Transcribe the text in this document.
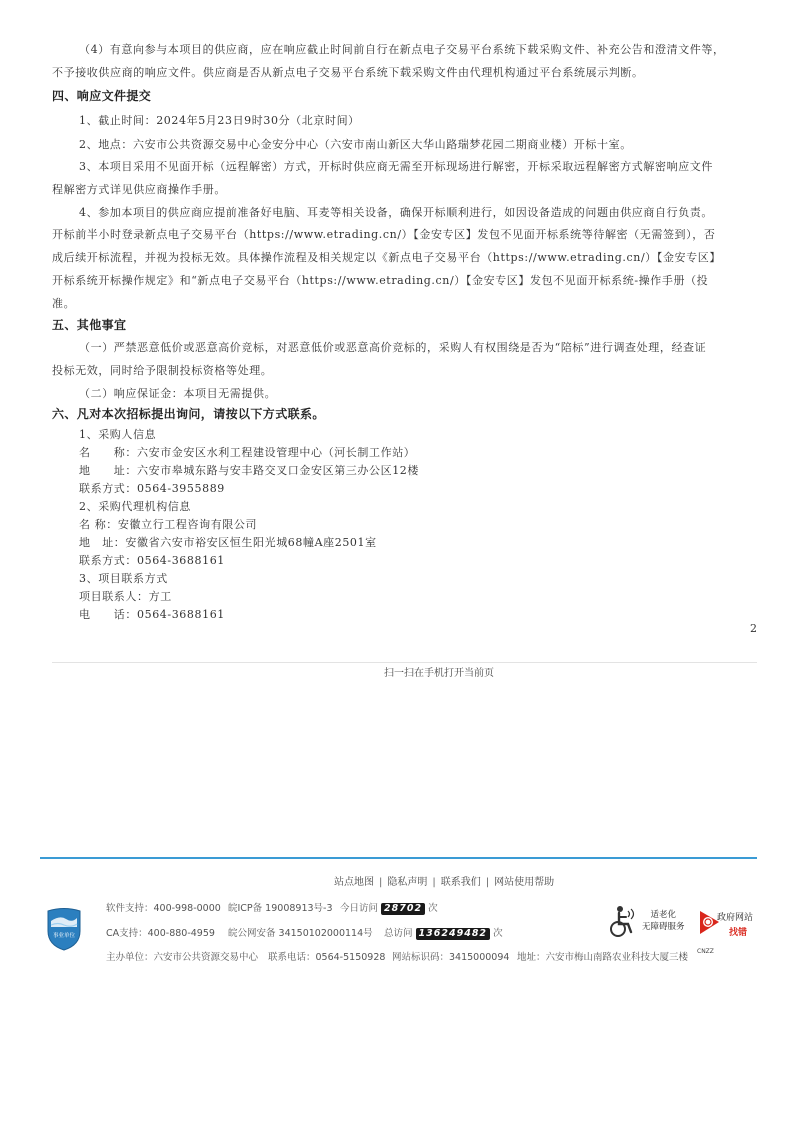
（4）有意向参与本项目的供应商，应在响应截止时间前自行在新点电子交易平台系统下载采购文件、补充公告和澄清文件等，
不予接收供应商的响应文件。供应商是否从新点电子交易平台系统下载采购文件由代理机构通过平台系统展示判断。
四、响应文件提交
1、截止时间：2024年5月23日9时30分（北京时间）
2、地点：六安市公共资源交易中心金安分中心（六安市南山新区大华山路瑞梦花园二期商业楼）开标十室。
3、本项目采用不见面开标（远程解密）方式，开标时供应商无需至开标现场进行解密，开标采取远程解密方式解密响应文件
程解密方式详见供应商操作手册。
4、参加本项目的供应商应提前准备好电脑、耳麦等相关设备，确保开标顺利进行，如因设备造成的问题由供应商自行负责。
开标前半小时登录新点电子交易平台（https://www.etrading.cn/）【金安专区】发包不见面开标系统等待解密（无需签到），否
成后续开标流程，并视为投标无效。具体操作流程及相关规定以《新点电子交易平台（https://www.etrading.cn/）【金安专区】
开标系统开标操作规定》和“新点电子交易平台（https://www.etrading.cn/）【金安专区】发包不见面开标系统-操作手册（投
准。
五、其他事宜
（一）严禁恶意低价或恶意高价竞标，对恶意低价或恶意高价竞标的，采购人有权围绕是否为“陪标”进行调查处理，经查证
投标无效，同时给予限制投标资格等处理。
（二）响应保证金：本项目无需提供。
六、凡对本次招标提出询问，请按以下方式联系。
1、采购人信息
名　　称：六安市金安区水利工程建设管理中心（河长制工作站）
地　　址：六安市皋城东路与安丰路交叉口金安区第三办公区12楼
联系方式：0564-3955889
2、采购代理机构信息
名 称：安徽立行工程咨询有限公司
地　址：安徽省六安市裕安区恒生阳光城68幢A座2501室
联系方式：0564-3688161
3、项目联系方式
项目联系人：方工
电　　话：0564-3688161
2
扫一扫在手机打开当前页
站点地图 | 隐私声明 | 联系我们 | 网站使用帮助
事业单位
软件支持：400-998-0000 皖ICP备 19008913号-3 今日访问 28702 次
CA支持：400-880-4959 皖公网安备 34150102000114号 总访问 136249482 次
主办单位：六安市公共资源交易中心 联系电话：0564-5150928 网站标识码：3415000094 地址：六安市梅山南路农业科技大厦三楼
适老化
无障碍服务
政府网站
找错
CNZZ
